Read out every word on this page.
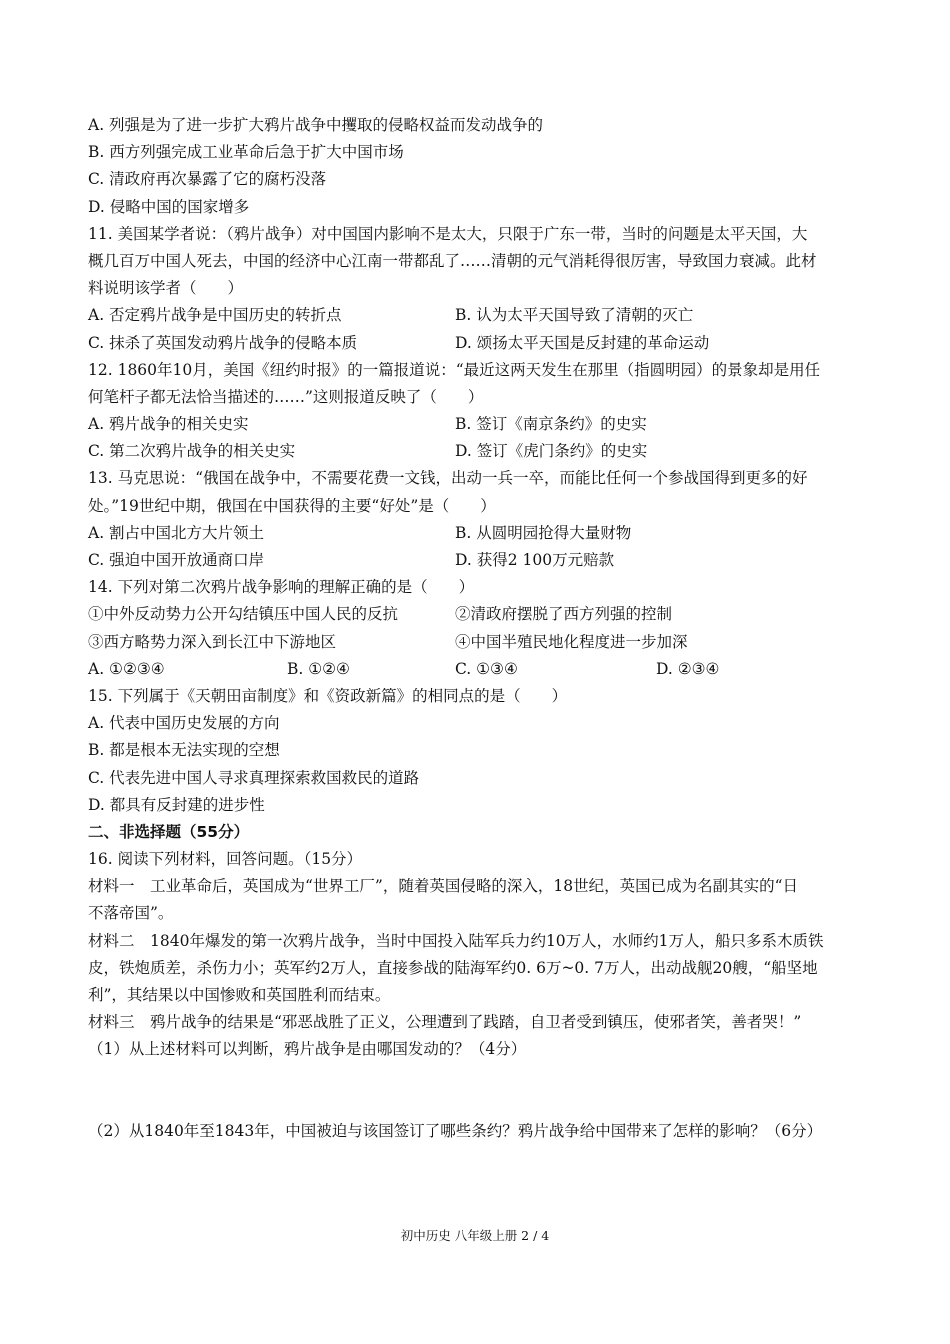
A. 列强是为了进一步扩大鸦片战争中攫取的侵略权益而发动战争的
B. 西方列强完成工业革命后急于扩大中国市场
C. 清政府再次暴露了它的腐朽没落
D. 侵略中国的国家增多
11. 美国某学者说：（鸦片战争）对中国国内影响不是太大，只限于广东一带，当时的问题是太平天国，大
概几百万中国人死去，中国的经济中心江南一带都乱了……清朝的元气消耗得很厉害，导致国力衰减。此材
料说明该学者（　　）
A. 否定鸦片战争是中国历史的转折点	B. 认为太平天国导致了清朝的灭亡
C. 抹杀了英国发动鸦片战争的侵略本质	D. 颂扬太平天国是反封建的革命运动
12. 1860年10月，美国《纽约时报》的一篇报道说：“最近这两天发生在那里（指圆明园）的景象却是用任
何笔杆子都无法恰当描述的……”这则报道反映了（　　）
A. 鸦片战争的相关史实	B. 签订《南京条约》的史实
C. 第二次鸦片战争的相关史实	D. 签订《虎门条约》的史实
13. 马克思说：“俄国在战争中，不需要花费一文钱，出动一兵一卒，而能比任何一个参战国得到更多的好
处。”19世纪中期，俄国在中国获得的主要“好处”是（　　）
A. 割占中国北方大片领土	B. 从圆明园抢得大量财物
C. 强迫中国开放通商口岸	D. 获得2 100万元赔款
14. 下列对第二次鸦片战争影响的理解正确的是（　　）
①中外反动势力公开勾结镇压中国人民的反抗	②清政府摆脱了西方列强的控制
③西方略势力深入到长江中下游地区	④中国半殖民地化程度进一步加深
A. ①②③④	B. ①②④	C. ①③④	D. ②③④
15. 下列属于《天朝田亩制度》和《资政新篇》的相同点的是（　　）
A. 代表中国历史发展的方向
B. 都是根本无法实现的空想
C. 代表先进中国人寻求真理探索救国救民的道路
D. 都具有反封建的进步性
二、非选择题（55分）
16. 阅读下列材料，回答问题。（15分）
材料一　工业革命后，英国成为“世界工厂”，随着英国侵略的深入，18世纪，英国已成为名副其实的“日
不落帝国”。
材料二　1840年爆发的第一次鸦片战争，当时中国投入陆军兵力约10万人，水师约1万人，船只多系木质铁
皮，铁炮质差，杀伤力小；英军约2万人，直接参战的陆海军约0. 6万~0. 7万人，出动战舰20艘，“船坚地
利”，其结果以中国惨败和英国胜利而结束。
材料三　鸦片战争的结果是“邪恶战胜了正义，公理遭到了践踏，自卫者受到镇压，使邪者笑，善者哭！”
（1）从上述材料可以判断，鸦片战争是由哪国发动的？（4分）
（2）从1840年至1843年，中国被迫与该国签订了哪些条约？鸦片战争给中国带来了怎样的影响？（6分）
初中历史 八年级上册 2 / 4
